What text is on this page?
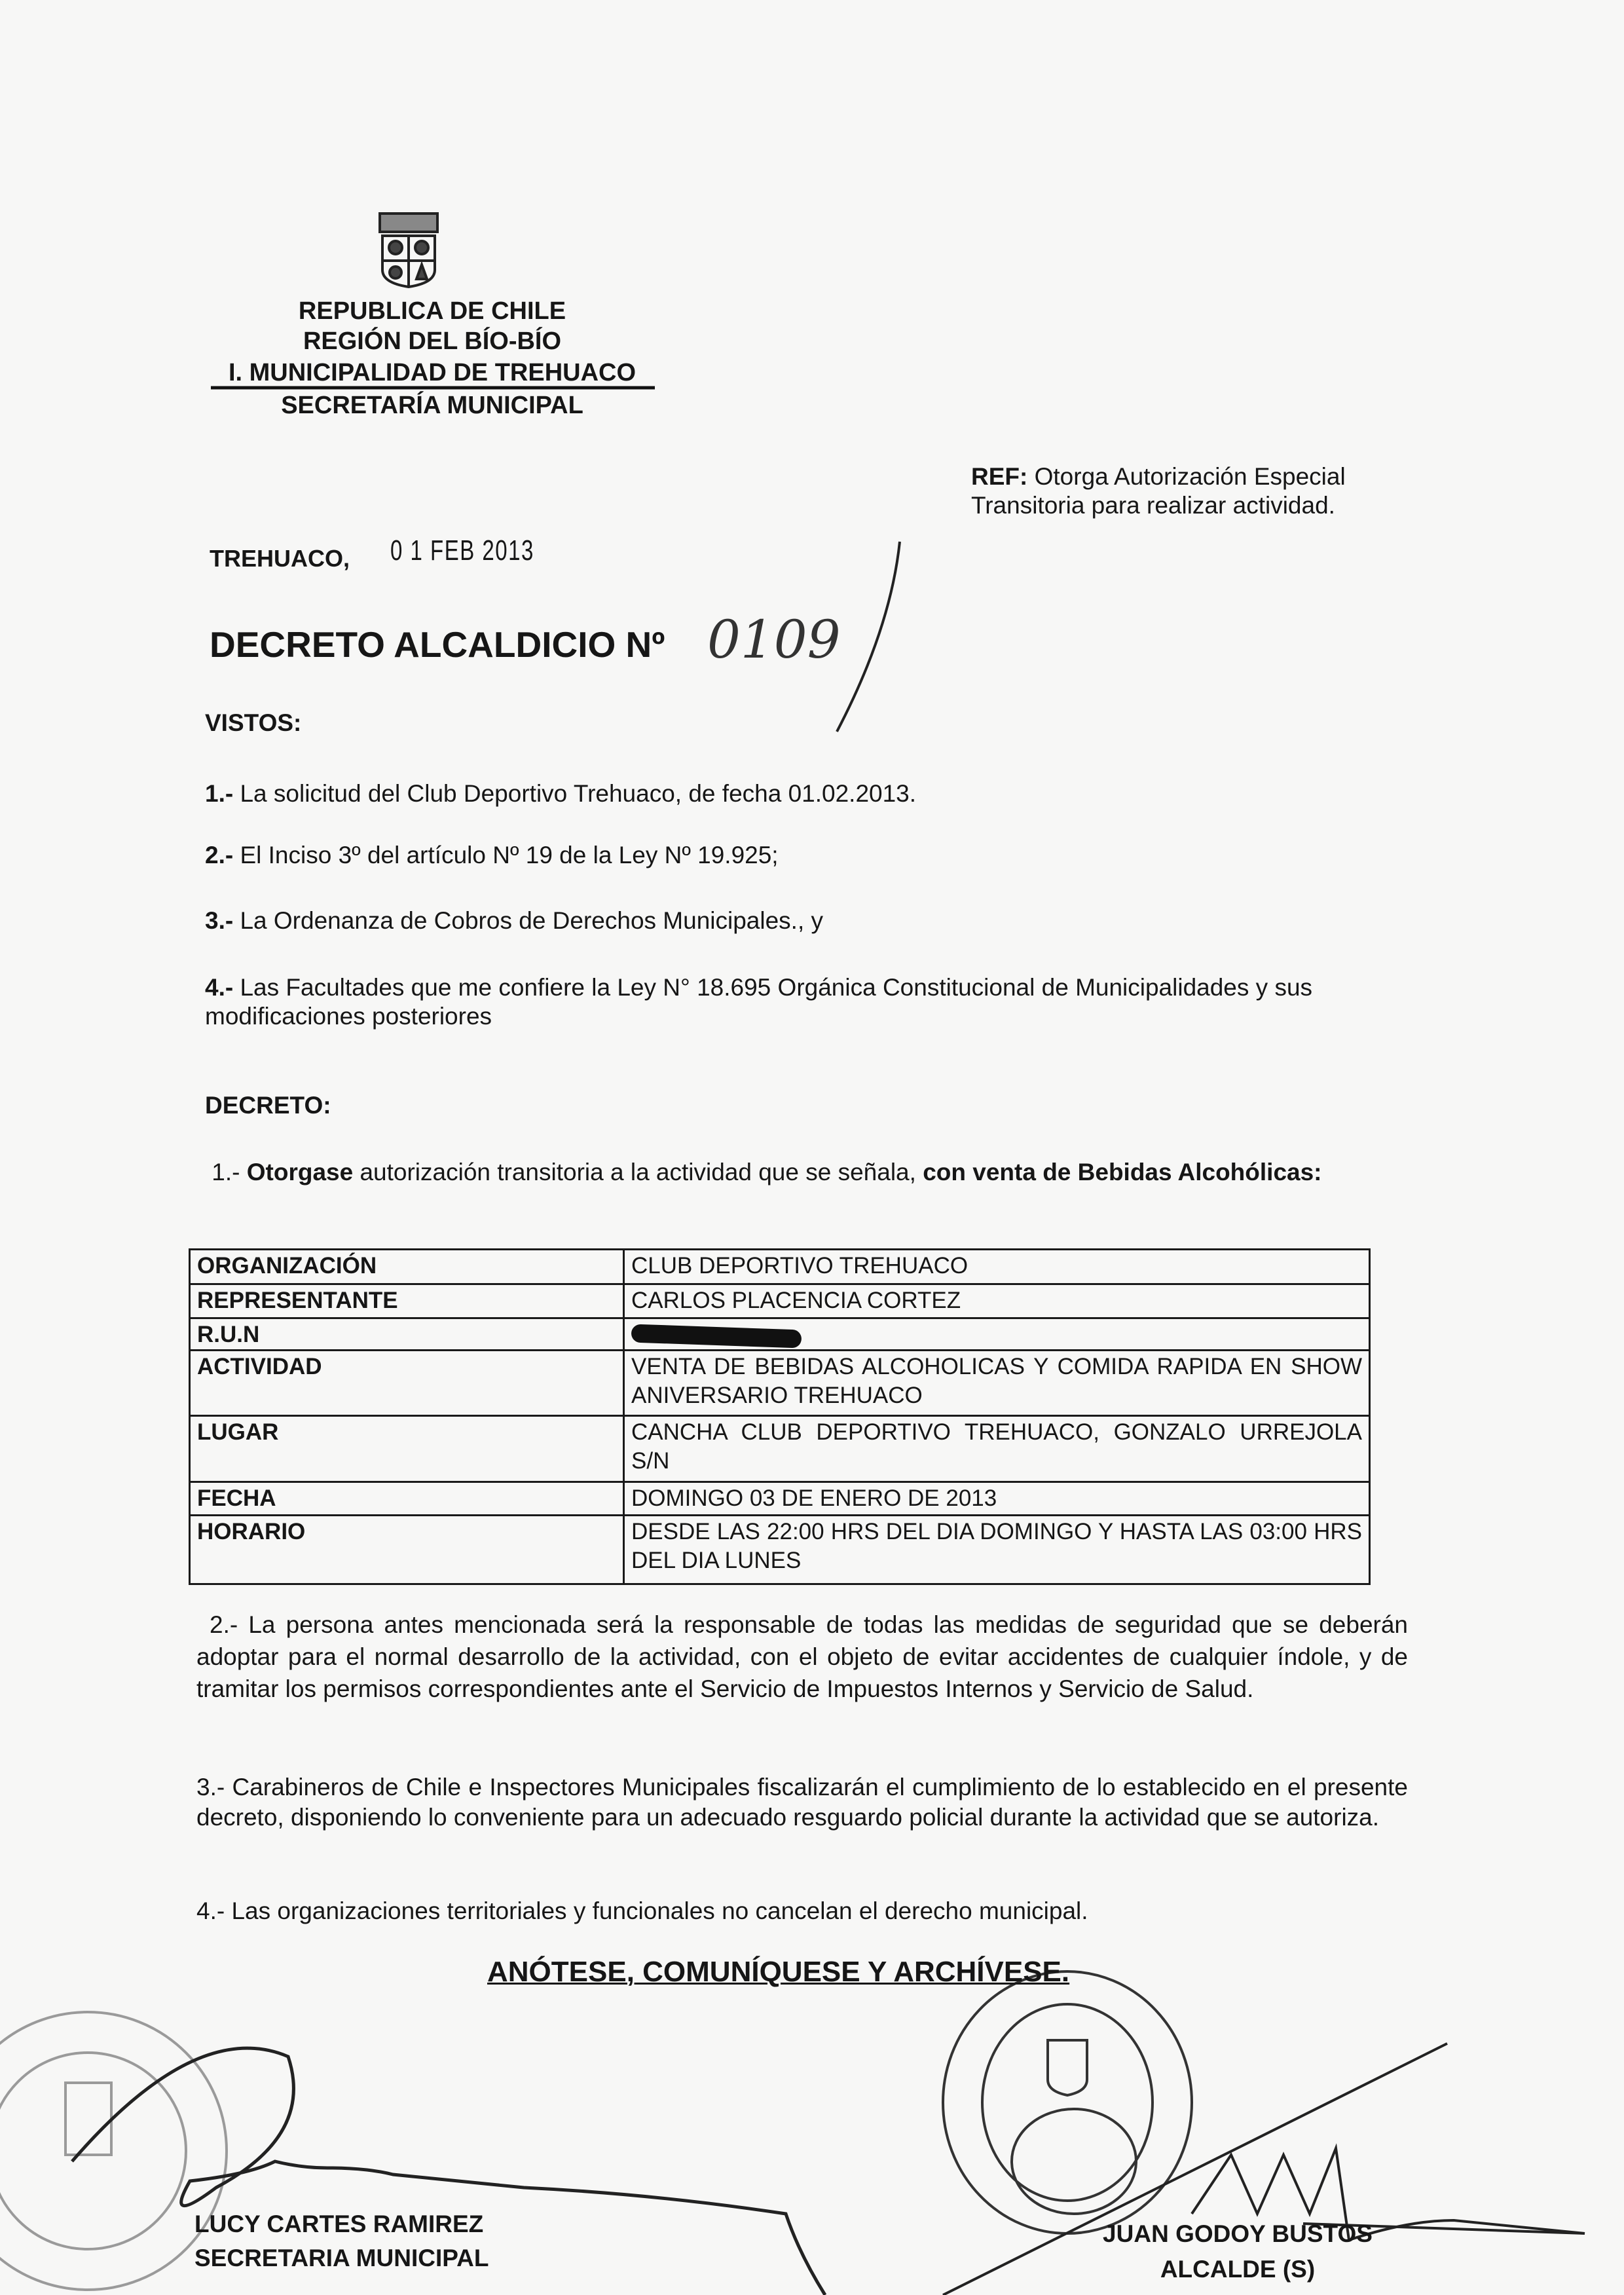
REPUBLICA DE CHILE
REGIÓN DEL BÍO-BÍO
I. MUNICIPALIDAD DE TREHUACO
SECRETARÍA MUNICIPAL
REF: Otorga Autorización Especial
Transitoria para realizar actividad.
TREHUACO, 0 1 FEB 2013
DECRETO ALCALDICIO Nº 0109
VISTOS:
1.- La solicitud del Club Deportivo Trehuaco, de fecha 01.02.2013.
2.- El Inciso 3º del artículo Nº 19 de la Ley Nº 19.925;
3.- La Ordenanza de Cobros de Derechos Municipales., y
4.- Las Facultades que me confiere la Ley N° 18.695 Orgánica Constitucional de Municipalidades y sus modificaciones posteriores
DECRETO:
1.- Otorgase autorización transitoria a la actividad que se señala, con venta de Bebidas Alcohólicas:
ORGANIZACIÓN	CLUB DEPORTIVO TREHUACO
REPRESENTANTE	CARLOS PLACENCIA CORTEZ
R.U.N	
ACTIVIDAD	VENTA DE BEBIDAS ALCOHOLICAS Y COMIDA RAPIDA EN SHOW ANIVERSARIO TREHUACO
LUGAR	CANCHA CLUB DEPORTIVO TREHUACO, GONZALO URREJOLA S/N
FECHA	DOMINGO 03 DE ENERO DE 2013
HORARIO	DESDE LAS 22:00 HRS DEL DIA DOMINGO Y HASTA LAS 03:00 HRS DEL DIA LUNES
2.- La persona antes mencionada será la responsable de todas las medidas de seguridad que se deberán adoptar para el normal desarrollo de la actividad, con el objeto de evitar accidentes de cualquier índole, y de tramitar los permisos correspondientes ante el Servicio de Impuestos Internos y Servicio de Salud.
3.- Carabineros de Chile e Inspectores Municipales fiscalizarán el cumplimiento de lo establecido en el presente decreto, disponiendo lo conveniente para un adecuado resguardo policial durante la actividad que se autoriza.
4.- Las organizaciones territoriales y funcionales no cancelan el derecho municipal.
ANÓTESE, COMUNÍQUESE Y ARCHÍVESE.
LUCY CARTES RAMIREZ
SECRETARIA MUNICIPAL
JUAN GODOY BUSTOS
ALCALDE (S)
